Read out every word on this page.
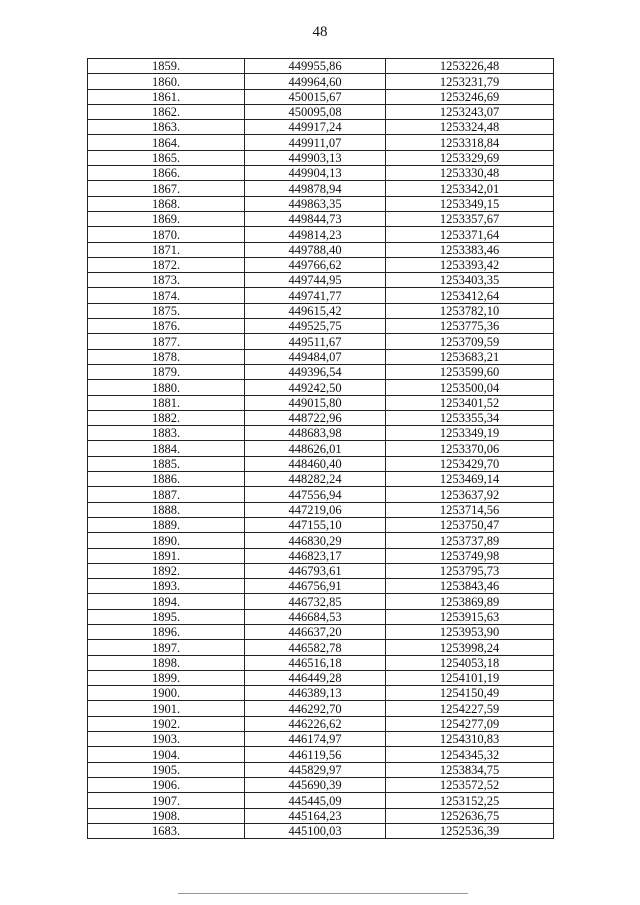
48
1859.	449955,86	1253226,48
1860.	449964,60	1253231,79
1861.	450015,67	1253246,69
1862.	450095,08	1253243,07
1863.	449917,24	1253324,48
1864.	449911,07	1253318,84
1865.	449903,13	1253329,69
1866.	449904,13	1253330,48
1867.	449878,94	1253342,01
1868.	449863,35	1253349,15
1869.	449844,73	1253357,67
1870.	449814,23	1253371,64
1871.	449788,40	1253383,46
1872.	449766,62	1253393,42
1873.	449744,95	1253403,35
1874.	449741,77	1253412,64
1875.	449615,42	1253782,10
1876.	449525,75	1253775,36
1877.	449511,67	1253709,59
1878.	449484,07	1253683,21
1879.	449396,54	1253599,60
1880.	449242,50	1253500,04
1881.	449015,80	1253401,52
1882.	448722,96	1253355,34
1883.	448683,98	1253349,19
1884.	448626,01	1253370,06
1885.	448460,40	1253429,70
1886.	448282,24	1253469,14
1887.	447556,94	1253637,92
1888.	447219,06	1253714,56
1889.	447155,10	1253750,47
1890.	446830,29	1253737,89
1891.	446823,17	1253749,98
1892.	446793,61	1253795,73
1893.	446756,91	1253843,46
1894.	446732,85	1253869,89
1895.	446684,53	1253915,63
1896.	446637,20	1253953,90
1897.	446582,78	1253998,24
1898.	446516,18	1254053,18
1899.	446449,28	1254101,19
1900.	446389,13	1254150,49
1901.	446292,70	1254227,59
1902.	446226,62	1254277,09
1903.	446174,97	1254310,83
1904.	446119,56	1254345,32
1905.	445829,97	1253834,75
1906.	445690,39	1253572,52
1907.	445445,09	1253152,25
1908.	445164,23	1252636,75
1683.	445100,03	1252536,39
